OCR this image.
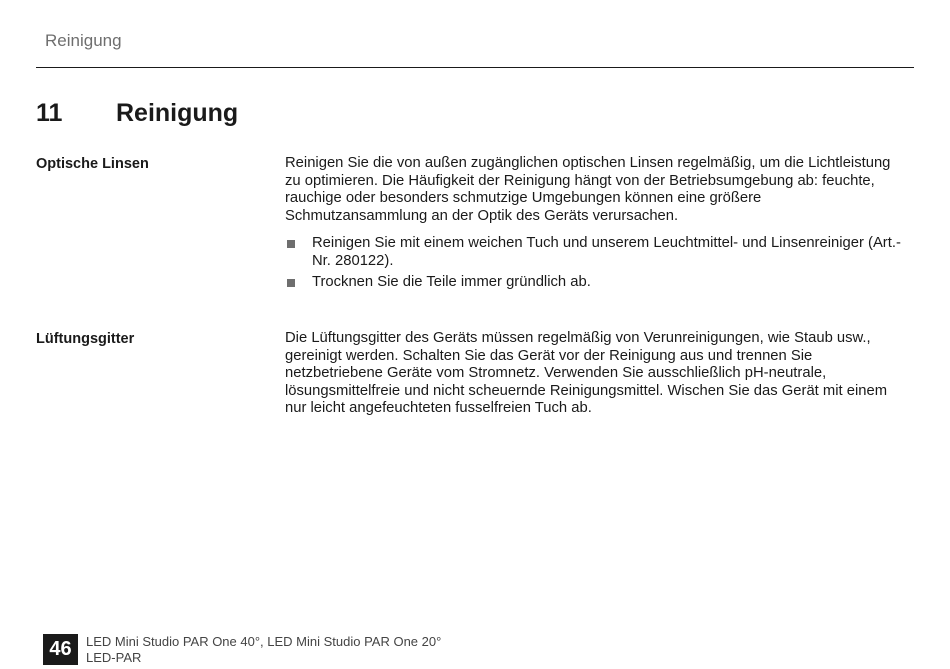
Reinigung
11 Reinigung
Optische Linsen	Reinigen Sie die von außen zugänglichen optischen Linsen regelmäßig, um die Lichtleistung zu optimieren. Die Häufigkeit der Reinigung hängt von der Betriebsumgebung ab: feuchte, rauchige oder besonders schmutzige Umgebungen können eine größere Schmutzansammlung an der Optik des Geräts verursachen.

Reinigen Sie mit einem weichen Tuch und unserem Leuchtmittel- und Linsenreiniger (Art.-Nr. 280122).
Trocknen Sie die Teile immer gründlich ab.
Lüftungsgitter	Die Lüftungsgitter des Geräts müssen regelmäßig von Verunreinigungen, wie Staub usw., gereinigt werden. Schalten Sie das Gerät vor der Reinigung aus und trennen Sie netzbetriebene Geräte vom Stromnetz. Verwenden Sie ausschließlich pH-neutrale, lösungsmittelfreie und nicht scheuernde Reinigungsmittel. Wischen Sie das Gerät mit einem nur leicht angefeuchteten fusselfreien Tuch ab.

46	LED Mini Studio PAR One 40°, LED Mini Studio PAR One 20°
LED-PAR
